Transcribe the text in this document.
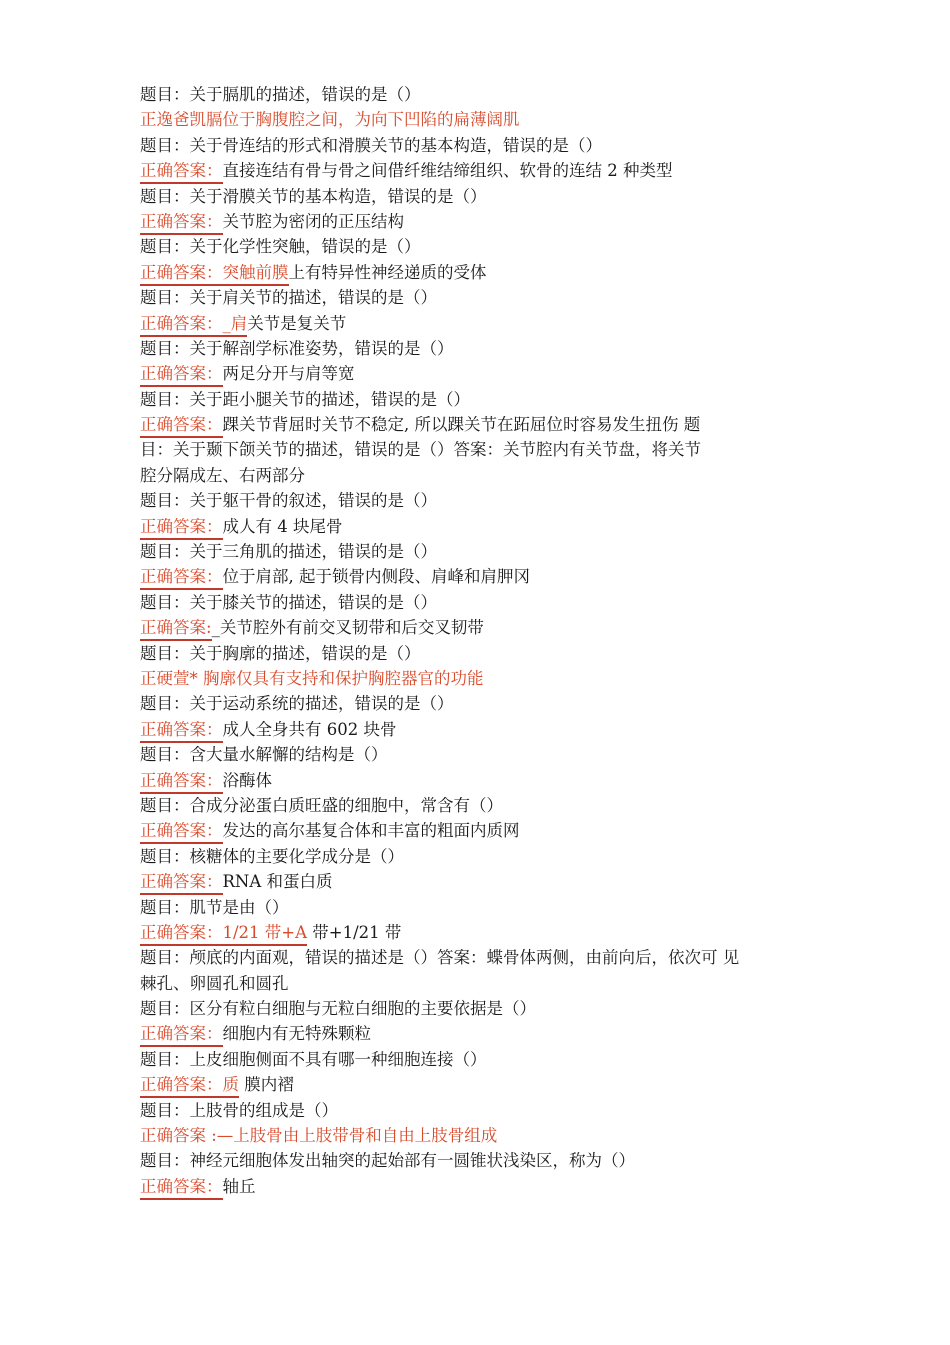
题目：关于膈肌的描述，错误的是（）
正逸爸凯膈位于胸腹腔之间，为向下凹陷的扁薄阔肌
题目：关于骨连结的形式和滑膜关节的基本构造，错误的是（）
正确答案：直接连结有骨与骨之间借纤维结缔组织、软骨的连结 2 种类型
题目：关于滑膜关节的基本构造，错误的是（）
正确答案：关节腔为密闭的正压结构
题目：关于化学性突触，错误的是（）
正确答案：突触前膜上有特异性神经递质的受体
题目：关于肩关节的描述，错误的是（）
正确答案：_肩关节是复关节
题目：关于解剖学标准姿势，错误的是（）
正确答案：两足分开与肩等宽
题目：关于距小腿关节的描述，错误的是（）
正确答案：踝关节背屈时关节不稳定, 所以踝关节在跖屈位时容易发生扭伤 题
目：关于颞下颌关节的描述，错误的是（）答案：关节腔内有关节盘，将关节
腔分隔成左、右两部分
题目：关于躯干骨的叙述，错误的是（）
正确答案：成人有 4 块尾骨
题目：关于三角肌的描述，错误的是（）
正确答案：位于肩部, 起于锁骨内侧段、肩峰和肩胛冈
题目：关于膝关节的描述，错误的是（）
正确答案:_关节腔外有前交叉韧带和后交叉韧带
题目：关于胸廓的描述，错误的是（）
正硬萱* 胸廓仅具有支持和保护胸腔器官的功能
题目：关于运动系统的描述，错误的是（）
正确答案：成人全身共有 602 块骨
题目：含大量水解懈的结构是（）
正确答案：浴酶体
题目：合成分泌蛋白质旺盛的细胞中，常含有（）
正确答案：发达的高尔基复合体和丰富的粗面内质网
题目：核糖体的主要化学成分是（）
正确答案：RNA 和蛋白质
题目：肌节是由（）
正确答案：1/21 带+A 带+1/21 带
题目：颅底的内面观，错误的描述是（）答案：蝶骨体两侧，由前向后，依次可 见
棘孔、卵圆孔和圆孔
题目：区分有粒白细胞与无粒白细胞的主要依据是（）
正确答案：细胞内有无特殊颗粒
题目：上皮细胞侧面不具有哪一种细胞连接（）
正确答案：质 膜内褶
题目：上肢骨的组成是（）
正确答案 :—上肢骨由上肢带骨和自由上肢骨组成
题目：神经元细胞体发出轴突的起始部有一圆锥状浅染区，称为（）
正确答案：轴丘
